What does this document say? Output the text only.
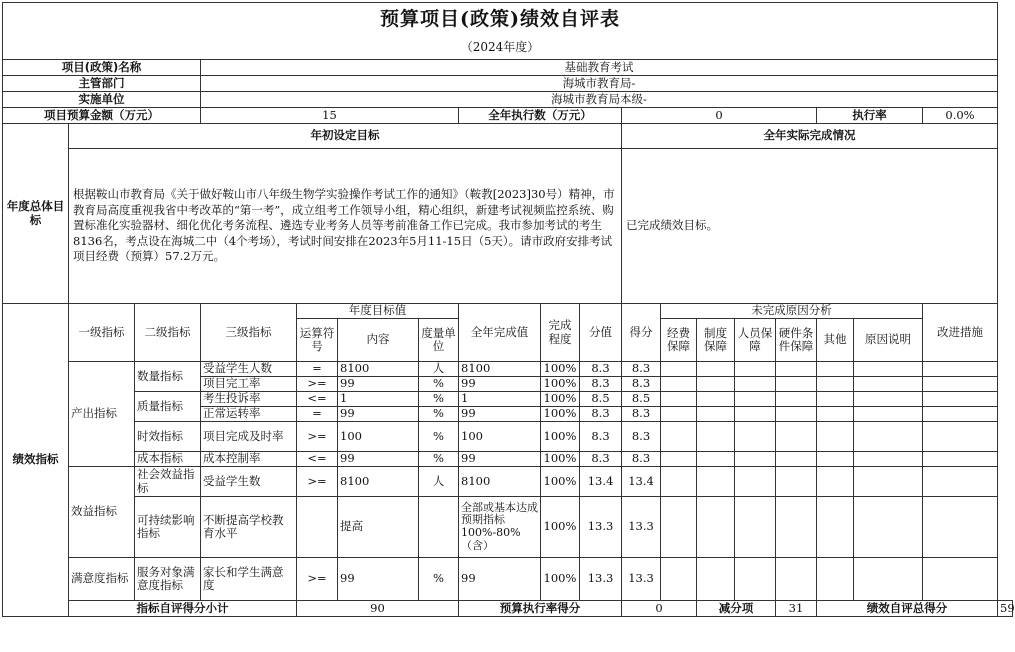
预算项目(政策)绩效自评表																		
（2024年度）																		
项目(政策)名称			基础教育考试															
主管部门			海城市教育局-															
实施单位			海城市教育局本级-															
项目预算金额（万元）			15				全年执行数（万元）			0					执行率		0.0%	
年度总体目标	年初设定目标									全年实际完成情况								
	根据鞍山市教育局《关于做好鞍山市八年级生物学实验操作考试工作的通知》（鞍教[2023]30号）精神，市教育局高度重视我省中考改革的“第一考”，成立组考工作领导小组，精心组织，新建考试视频监控系统、购置标准化实验器材、细化优化考务流程、遴选专业考务人员等考前准备工作已完成。我市参加考试的考生8136名，考点设在海城二中（4个考场），考试时间安排在2023年5月11-15日（5天）。请市政府安排考试项目经费（预算）57.2万元。									已完成绩效目标。								
绩效指标	一级指标	二级指标	三级指标	年度目标值			全年完成值	完成程度	分值	得分	未完成原因分析						改进措施	
				运算符号	内容	度量单位					经费保障	制度保障	人员保障	硬件条件保障	其他	原因说明		
	产出指标	数量指标	受益学生人数	=	8100	人	8100	100%	8.3	8.3								
			项目完工率	>=	99	%	99	100%	8.3	8.3								
		质量指标	考生投诉率	<=	1	%	1	100%	8.5	8.5								
			正常运转率	=	99	%	99	100%	8.3	8.3								
		时效指标	项目完成及时率	>=	100	%	100	100%	8.3	8.3								
		成本指标	成本控制率	<=	99	%	99	100%	8.3	8.3								
	效益指标	社会效益指标	受益学生数	>=	8100	人	8100	100%	13.4	13.4								
		可持续影响指标	不断提高学校教育水平		提高		全部或基本达成预期指标100%-80%（含）	100%	13.3	13.3								
	满意度指标	服务对象满意度指标	家长和学生满意度	>=	99	%	99	100%	13.3	13.3								
	指标自评得分小计			90			预算执行率得分			0		减分项		31	绩效自评总得分			59
